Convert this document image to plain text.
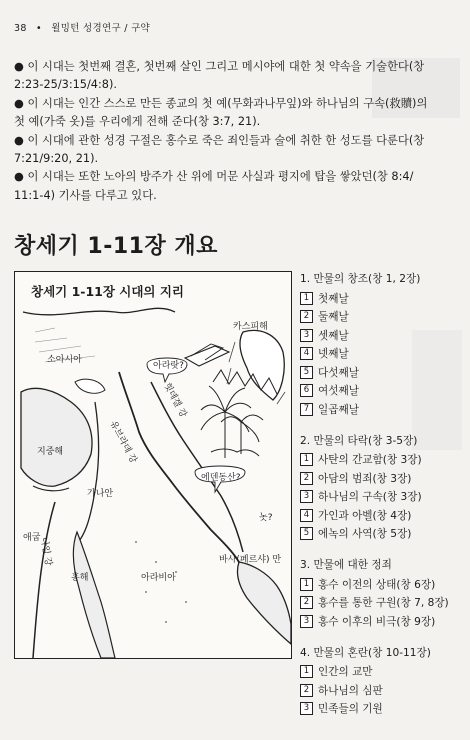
38 • 윌밍턴 성경연구 / 구약

● 이 시대는 첫번째 결혼, 첫번째 살인 그리고 메시야에 대한 첫 약속을 기술한다(창

2:23-25/3:15/4:8).

● 이 시대는 인간 스스로 만든 종교의 첫 예(무화과나무잎)와 하나님의 구속(救贖)의

첫 예(가죽 옷)를 우리에게 전해 준다(창 3:7, 21).

● 이 시대에 관한 성경 구절은 홍수로 죽은 죄인들과 술에 취한 한 성도를 다룬다(창

7:21/9:20, 21).

● 이 시대는 또한 노아의 방주가 산 위에 머문 사실과 평지에 탑을 쌓았던(창 8:4/

11:1-4) 기사를 다루고 있다.

창세기 1-11장 개요
창세기 1-11장 시대의 지리
카스피해
소아시아
아라랏?
힛데겔 강
지중해	유브라데 강
에덴동산?
가나안
놋?
애굽
나일 강
홍해	아라비아
바사(페르샤) 만
1. 만물의 창조(창 1, 2장)
1 첫째날
2 둘째날
3 셋째날
4 넷째날
5 다섯째날
6 여섯째날
7 일곱째날
2. 만물의 타락(창 3-5장)
1 사탄의 간교함(창 3장)
2 아담의 범죄(창 3장)
3 하나님의 구속(창 3장)
4 가인과 아벨(창 4장)
5 에녹의 사역(창 5장)
3. 만물에 대한 정죄
1 홍수 이전의 상태(창 6장)
2 홍수를 통한 구원(창 7, 8장)
3 홍수 이후의 비극(창 9장)
4. 만물의 혼란(창 10-11장)
1 인간의 교만
2 하나님의 심판
3 민족들의 기원
